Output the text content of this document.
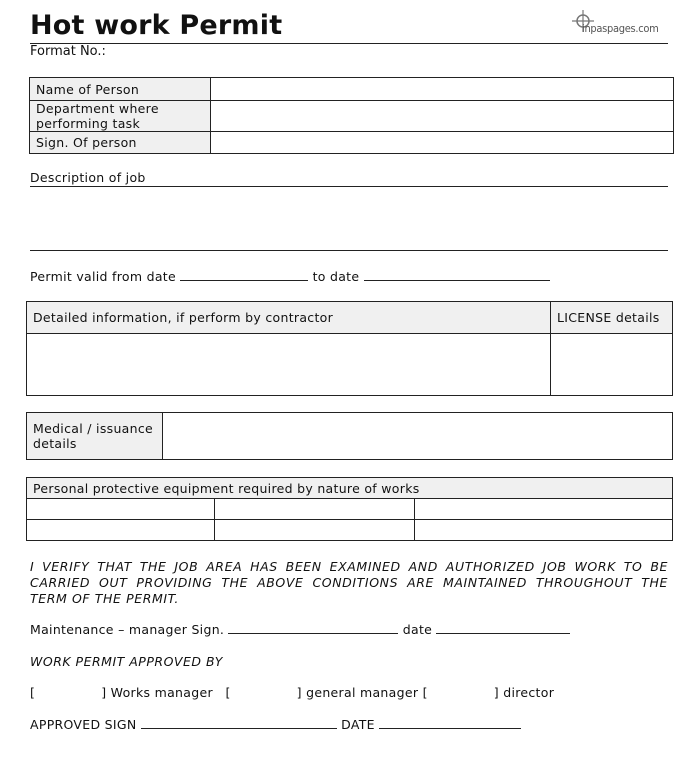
Hot work Permit	inpaspages.com
Format No.:
Name of Person	
Department where performing task	
Sign. Of person	
Description of job
Permit valid from date	to date
Detailed information, if perform by contractor	LICENSE details

Medical / issuance details	
Personal protective equipment required by nature of works		

I VERIFY THAT THE JOB AREA HAS BEEN EXAMINED AND AUTHORIZED JOB WORK TO BE CARRIED OUT PROVIDING THE ABOVE CONDITIONS ARE MAINTAINED THROUGHOUT THE TERM OF THE PERMIT.
Maintenance – manager Sign.	date
WORK PERMIT APPROVED BY
[	] Works manager [	] general manager [	] director
APPROVED SIGN	DATE
